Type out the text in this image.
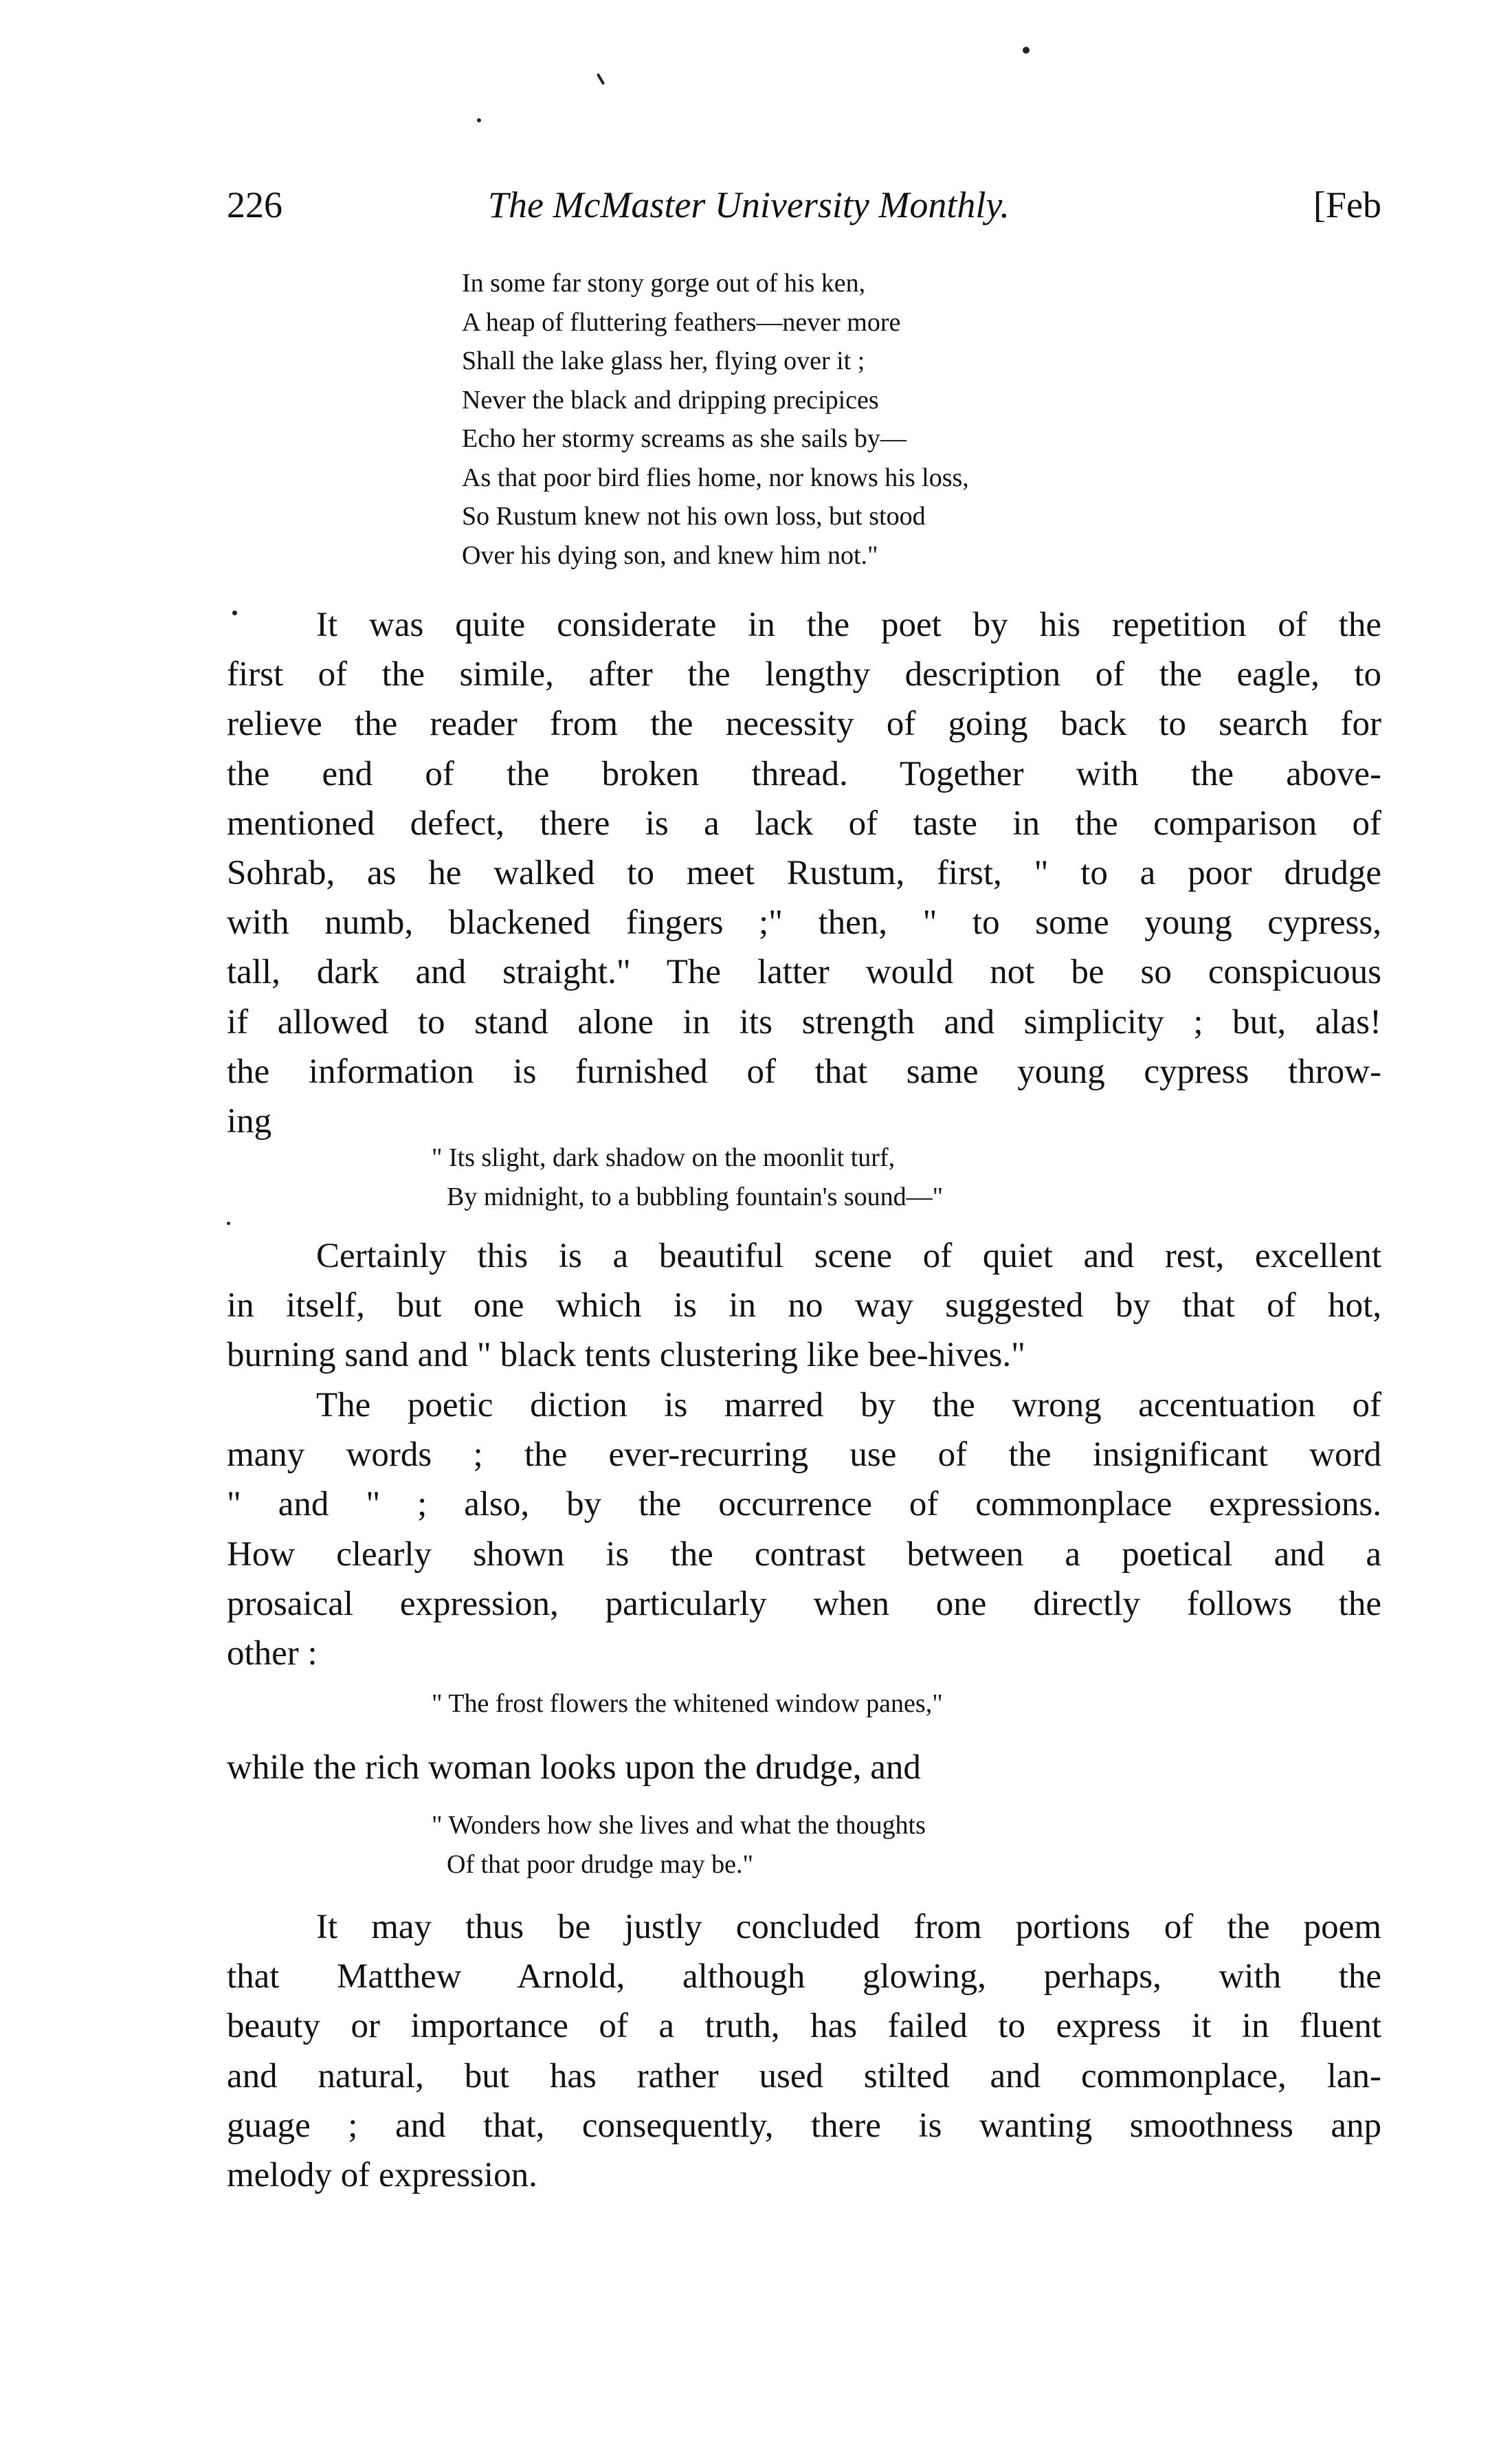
226	The McMaster University Monthly.	[Feb
In some far stony gorge out of his ken,
A heap of fluttering feathers—never more
Shall the lake glass her, flying over it ;
Never the black and dripping precipices
Echo her stormy screams as she sails by—
As that poor bird flies home, nor knows his loss,
So Rustum knew not his own loss, but stood
Over his dying son, and knew him not."
It was quite considerate in the poet by his repetition of the
first of the simile, after the lengthy description of the eagle, to
relieve the reader from the necessity of going back to search for
the end of the broken thread. Together with the above-
mentioned defect, there is a lack of taste in the comparison of
Sohrab, as he walked to meet Rustum, first, " to a poor drudge
with numb, blackened fingers ;" then, " to some young cypress,
tall, dark and straight." The latter would not be so conspicuous
if allowed to stand alone in its strength and simplicity ; but, alas!
the information is furnished of that same young cypress throw-
ing
" Its slight, dark shadow on the moonlit turf,
By midnight, to a bubbling fountain's sound—"
Certainly this is a beautiful scene of quiet and rest, excellent
in itself, but one which is in no way suggested by that of hot,
burning sand and " black tents clustering like bee-hives."
The poetic diction is marred by the wrong accentuation of
many words ; the ever-recurring use of the insignificant word
" and " ; also, by the occurrence of commonplace expressions.
How clearly shown is the contrast between a poetical and a
prosaical expression, particularly when one directly follows the
other :
" The frost flowers the whitened window panes,"
while the rich woman looks upon the drudge, and
" Wonders how she lives and what the thoughts
Of that poor drudge may be."
It may thus be justly concluded from portions of the poem
that Matthew Arnold, although glowing, perhaps, with the
beauty or importance of a truth, has failed to express it in fluent
and natural, but has rather used stilted and commonplace, lan-
guage ; and that, consequently, there is wanting smoothness anp
melody of expression.
